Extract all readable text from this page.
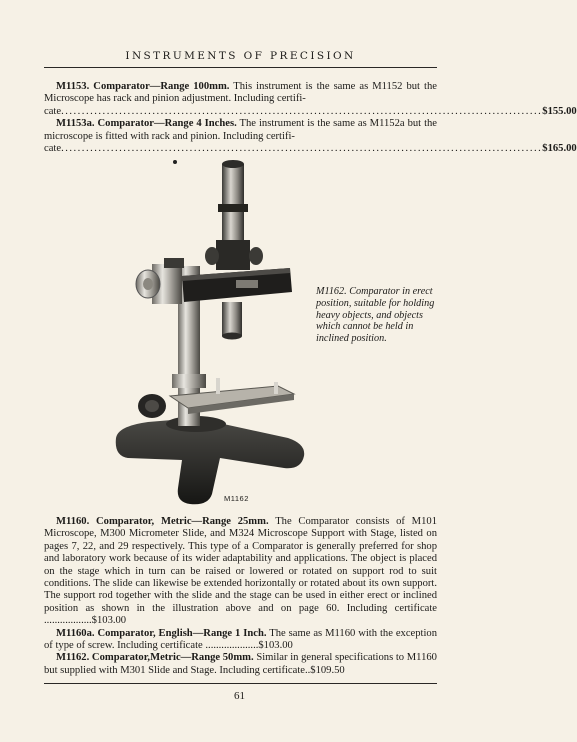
INSTRUMENTS OF PRECISION

M1153. Comparator—Range 100mm. This instrument is the same as M1152 but the Microscope has rack and pinion adjustment. Including certifi-

cate .................................................................................................................... $155.00

M1153a. Comparator—Range 4 Inches. The instrument is the same as M1152a but the microscope is fitted with rack and pinion. Including certifi-

cate .................................................................................................................... $165.00
M1162
M1162. Comparator in erect position, suitable for holding heavy objects, and objects which cannot be held in inclined position.

M1160. Comparator, Metric—Range 25mm. The Comparator consists of M101 Microscope, M300 Micrometer Slide, and M324 Microscope Support with Stage, listed on pages 7, 22, and 29 respectively. This type of a Comparator is generally preferred for shop and laboratory work because of its wider adaptability and applications. The object is placed on the stage which in turn can be raised or lowered or rotated on support rod to suit conditions. The slide can likewise be extended horizontally or rotated about its own support. The support rod together with the slide and the stage can be used in either erect or inclined position as shown in the illustration above and on page 60. Including certificate ..................$103.00

M1160a. Comparator, English—Range 1 Inch. The same as M1160 with the exception of type of screw. Including certificate ....................$103.00

M1162. Comparator,Metric—Range 50mm. Similar in general specifications to M1160 but supplied with M301 Slide and Stage. Including certificate..$109.50

61
